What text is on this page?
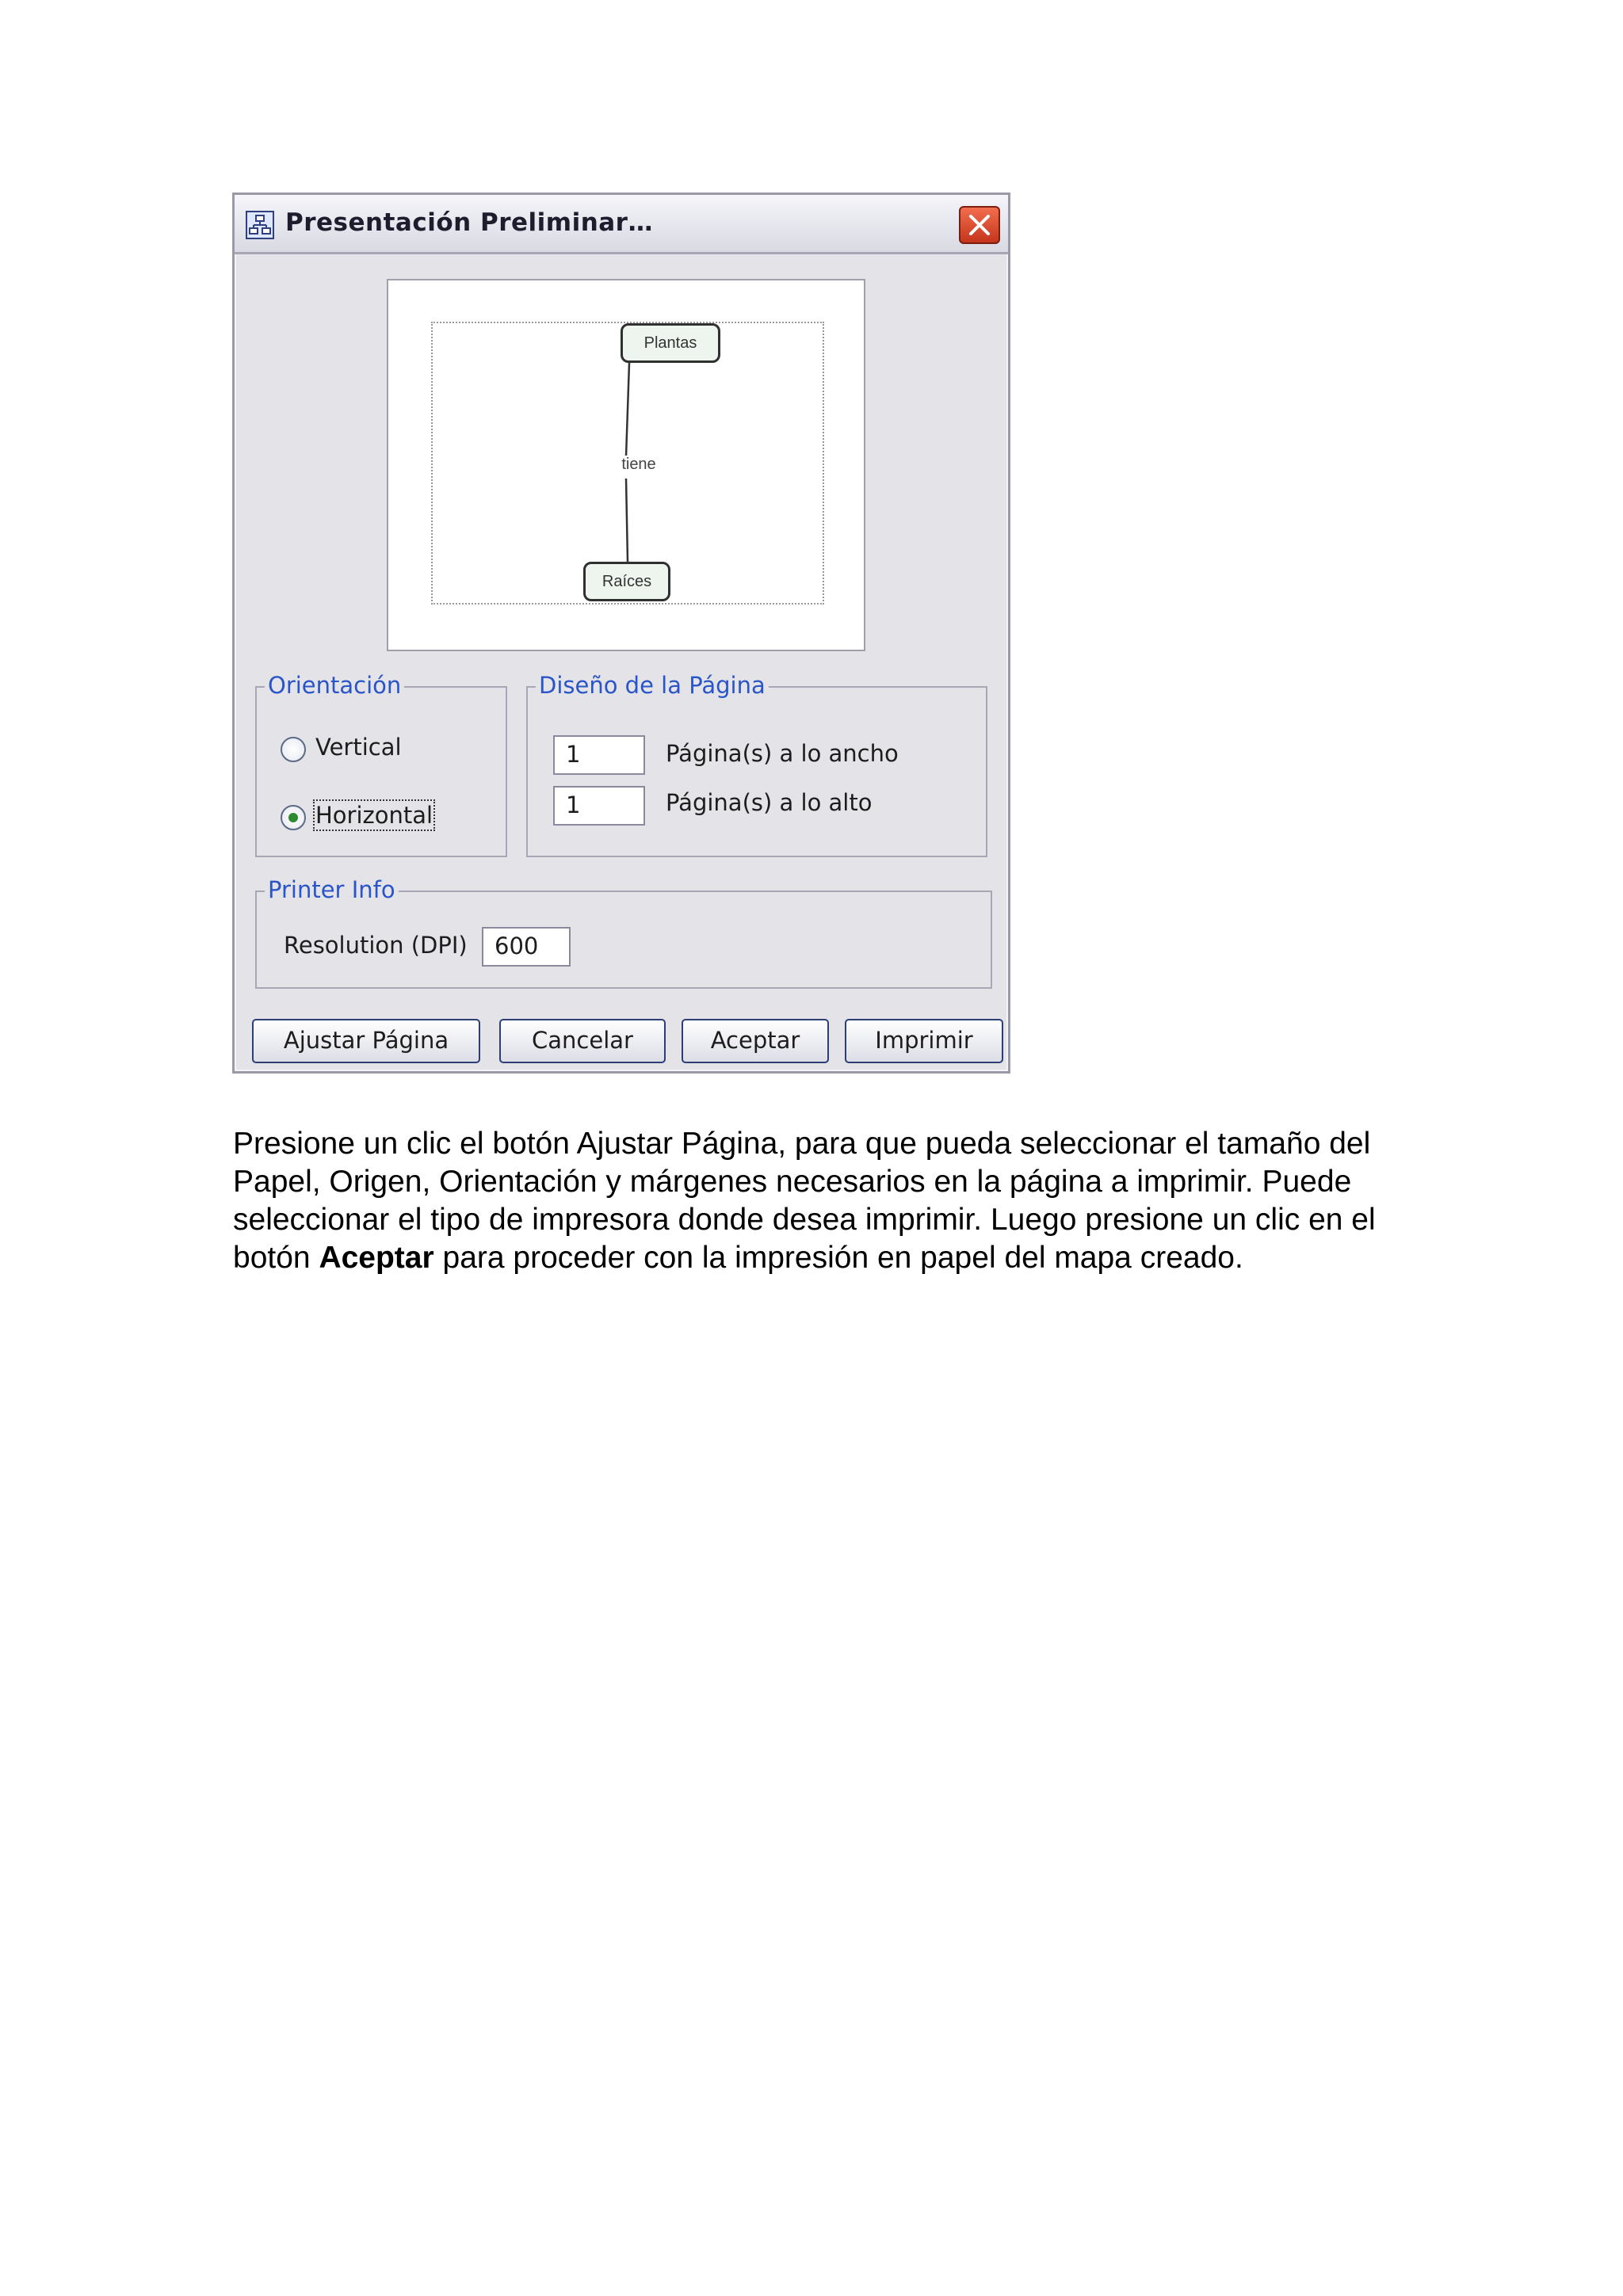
Presentación Preliminar…
Plantas
tiene
Raíces
Orientación
Vertical
Horizontal
Diseño de la Página
1	Página(s) a lo ancho
1	Página(s) a lo alto
Printer Info
Resolution (DPI)	600
Ajustar Página	Cancelar	Aceptar	Imprimir
Presione un clic el botón Ajustar Página, para que pueda seleccionar el tamaño del Papel, Origen, Orientación y márgenes necesarios en la página a imprimir. Puede seleccionar el tipo de impresora donde desea imprimir. Luego presione un clic en el botón Aceptar para proceder con la impresión en papel del mapa creado.
